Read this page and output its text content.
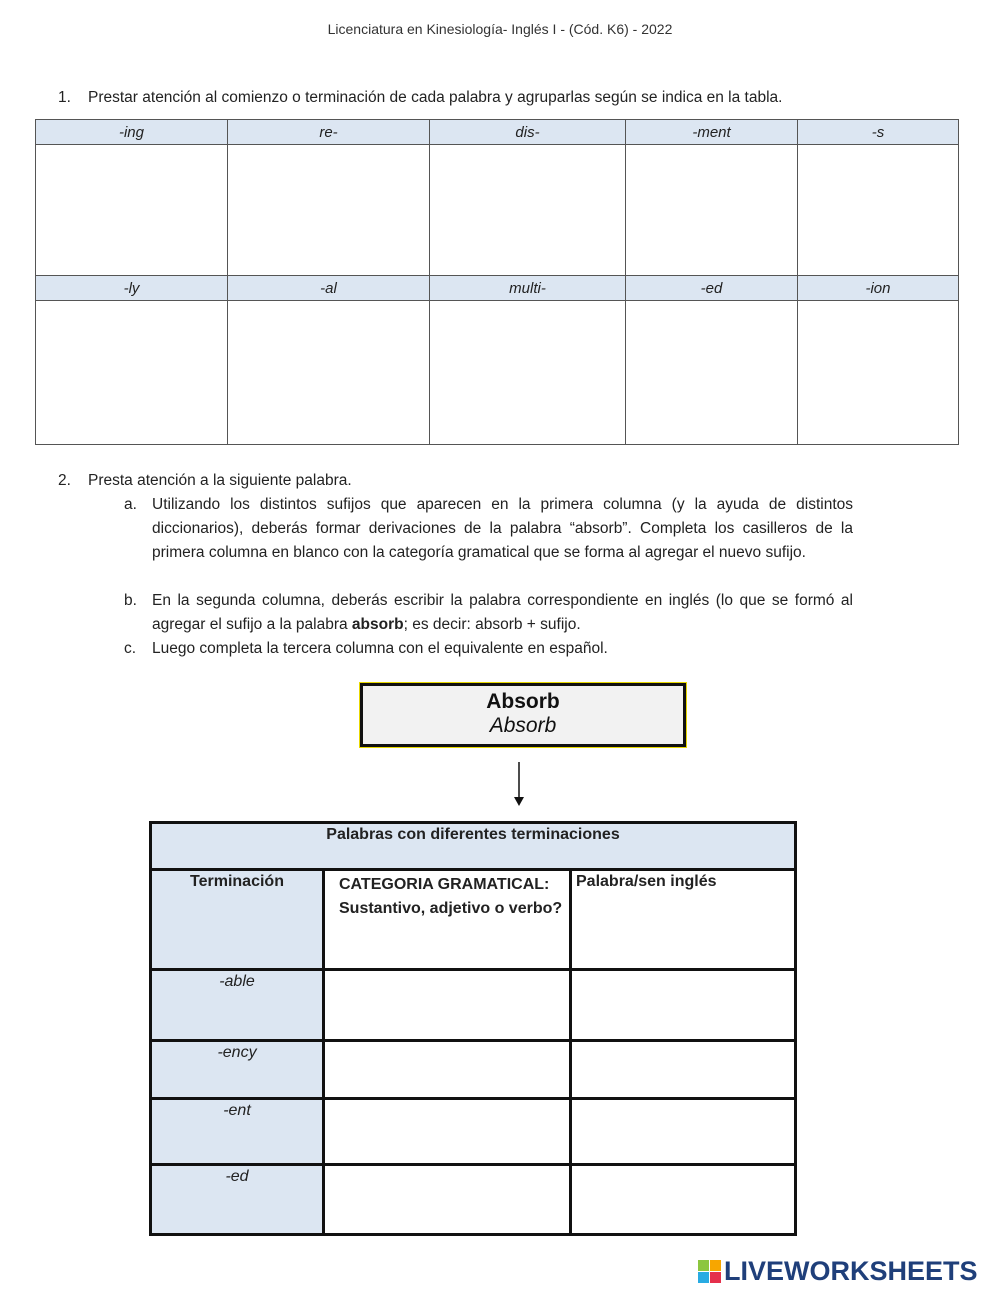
Licenciatura en Kinesiología- Inglés I - (Cód. K6) - 2022
1. Prestar atención al comienzo o terminación de cada palabra y agruparlas según se indica en la tabla.
-ing	re-	dis-	-ment	-s

-ly	-al	multi-	-ed	-ion

2. Presta atención a la siguiente palabra.
a. Utilizando los distintos sufijos que aparecen en la primera columna (y la ayuda de distintos diccionarios), deberás formar derivaciones de la palabra “absorb”. Completa los casilleros de la primera columna en blanco con la categoría gramatical que se forma al agregar el nuevo sufijo.
b. En la segunda columna, deberás escribir la palabra correspondiente en inglés (lo que se formó al agregar el sufijo a la palabra absorb; es decir: absorb + sufijo.
c. Luego completa la tercera columna con el equivalente en español.
Absorb
Absorb
Palabras con diferentes terminaciones		
Terminación	CATEGORIA GRAMATICAL: Sustantivo, adjetivo o verbo?	Palabra/sen inglés
-able		
-ency		
-ent		
-ed		
LIVEWORKSHEETS
